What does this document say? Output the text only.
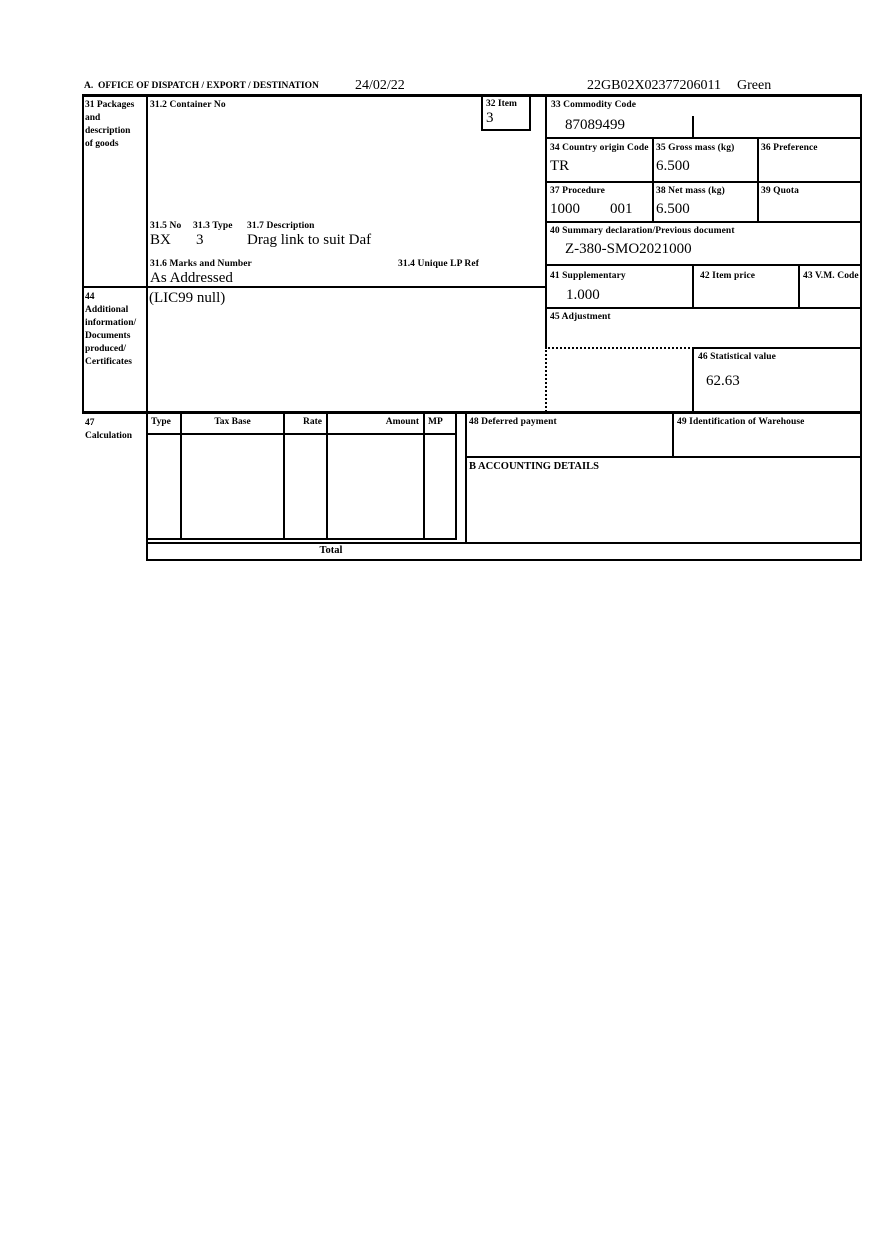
A.  OFFICE OF DISPATCH / EXPORT / DESTINATION	24/02/22	22GB02X02377206011 Green
31 Packages
and
description
of goods
31.2 Container No	32 Item
3
33 Commodity Code
87089499
34 Country origin Code
TR
35 Gross mass (kg)
6.500
36 Preference
37 Procedure
1000 001
38 Net mass (kg)
6.500
39 Quota
40 Summary declaration/Previous document
Z-380-SMO2021000
31.5 No 31.3 Type 31.7 Description
BX 3	Drag link to suit Daf
31.6 Marks and Number	31.4 Unique LP Ref
As Addressed	41 Supplementary
1.000
42 Item price	43 V.M. Code
44
Additional
information/
Documents
produced/
Certificates
(LIC99 null)
45 Adjustment
46 Statistical value
62.63
47
Calculation
Type	Tax Base	Rate	Amount MP
Total
48 Deferred payment	49 Identification of Warehouse
B ACCOUNTING DETAILS
